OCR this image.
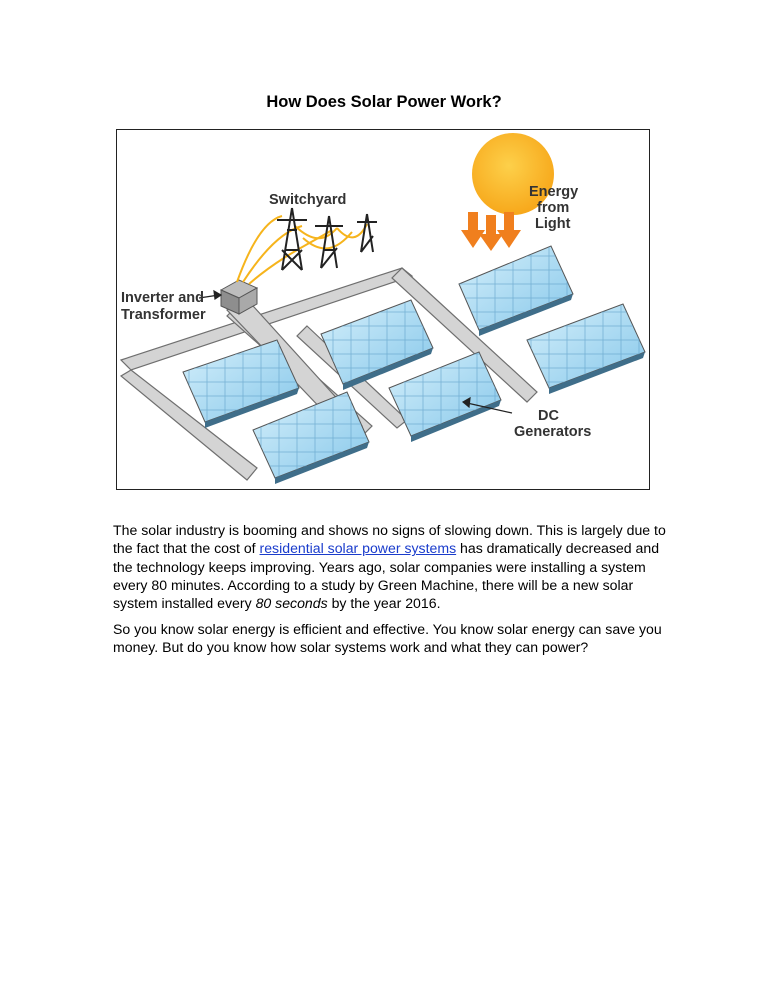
How Does Solar Power Work?
Switchyard	Energy
from
Light
Inverter and
Transformer
DC
Generators

The solar industry is booming and shows no signs of slowing down. This is largely due to the fact that the cost of residential solar power systems has dramatically decreased and the technology keeps improving. Years ago, solar companies were installing a system every 80 minutes. According to a study by Green Machine, there will be a new solar system installed every 80 seconds by the year 2016.

So you know solar energy is efficient and effective. You know solar energy can save you money. But do you know how solar systems work and what they can power?
